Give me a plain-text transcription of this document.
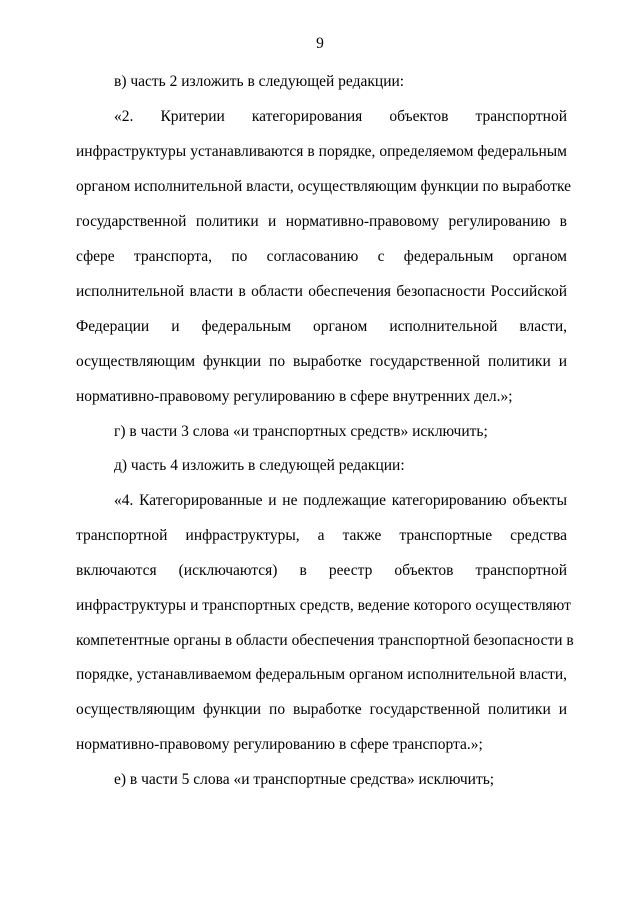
9
в) часть 2 изложить в следующей редакции:
«2. Критерии категорирования объектов транспортной
инфраструктуры устанавливаются в порядке, определяемом федеральным
органом исполнительной власти, осуществляющим функции по выработке
государственной политики и нормативно-правовому регулированию в
сфере транспорта, по согласованию с федеральным органом
исполнительной власти в области обеспечения безопасности Российской
Федерации и федеральным органом исполнительной власти,
осуществляющим функции по выработке государственной политики и
нормативно-правовому регулированию в сфере внутренних дел.»;
г) в части 3 слова «и транспортных средств» исключить;
д) часть 4 изложить в следующей редакции:
«4. Категорированные и не подлежащие категорированию объекты
транспортной инфраструктуры, а также транспортные средства
включаются (исключаются) в реестр объектов транспортной
инфраструктуры и транспортных средств, ведение которого осуществляют
компетентные органы в области обеспечения транспортной безопасности в
порядке, устанавливаемом федеральным органом исполнительной власти,
осуществляющим функции по выработке государственной политики и
нормативно-правовому регулированию в сфере транспорта.»;
е) в части 5 слова «и транспортные средства» исключить;
